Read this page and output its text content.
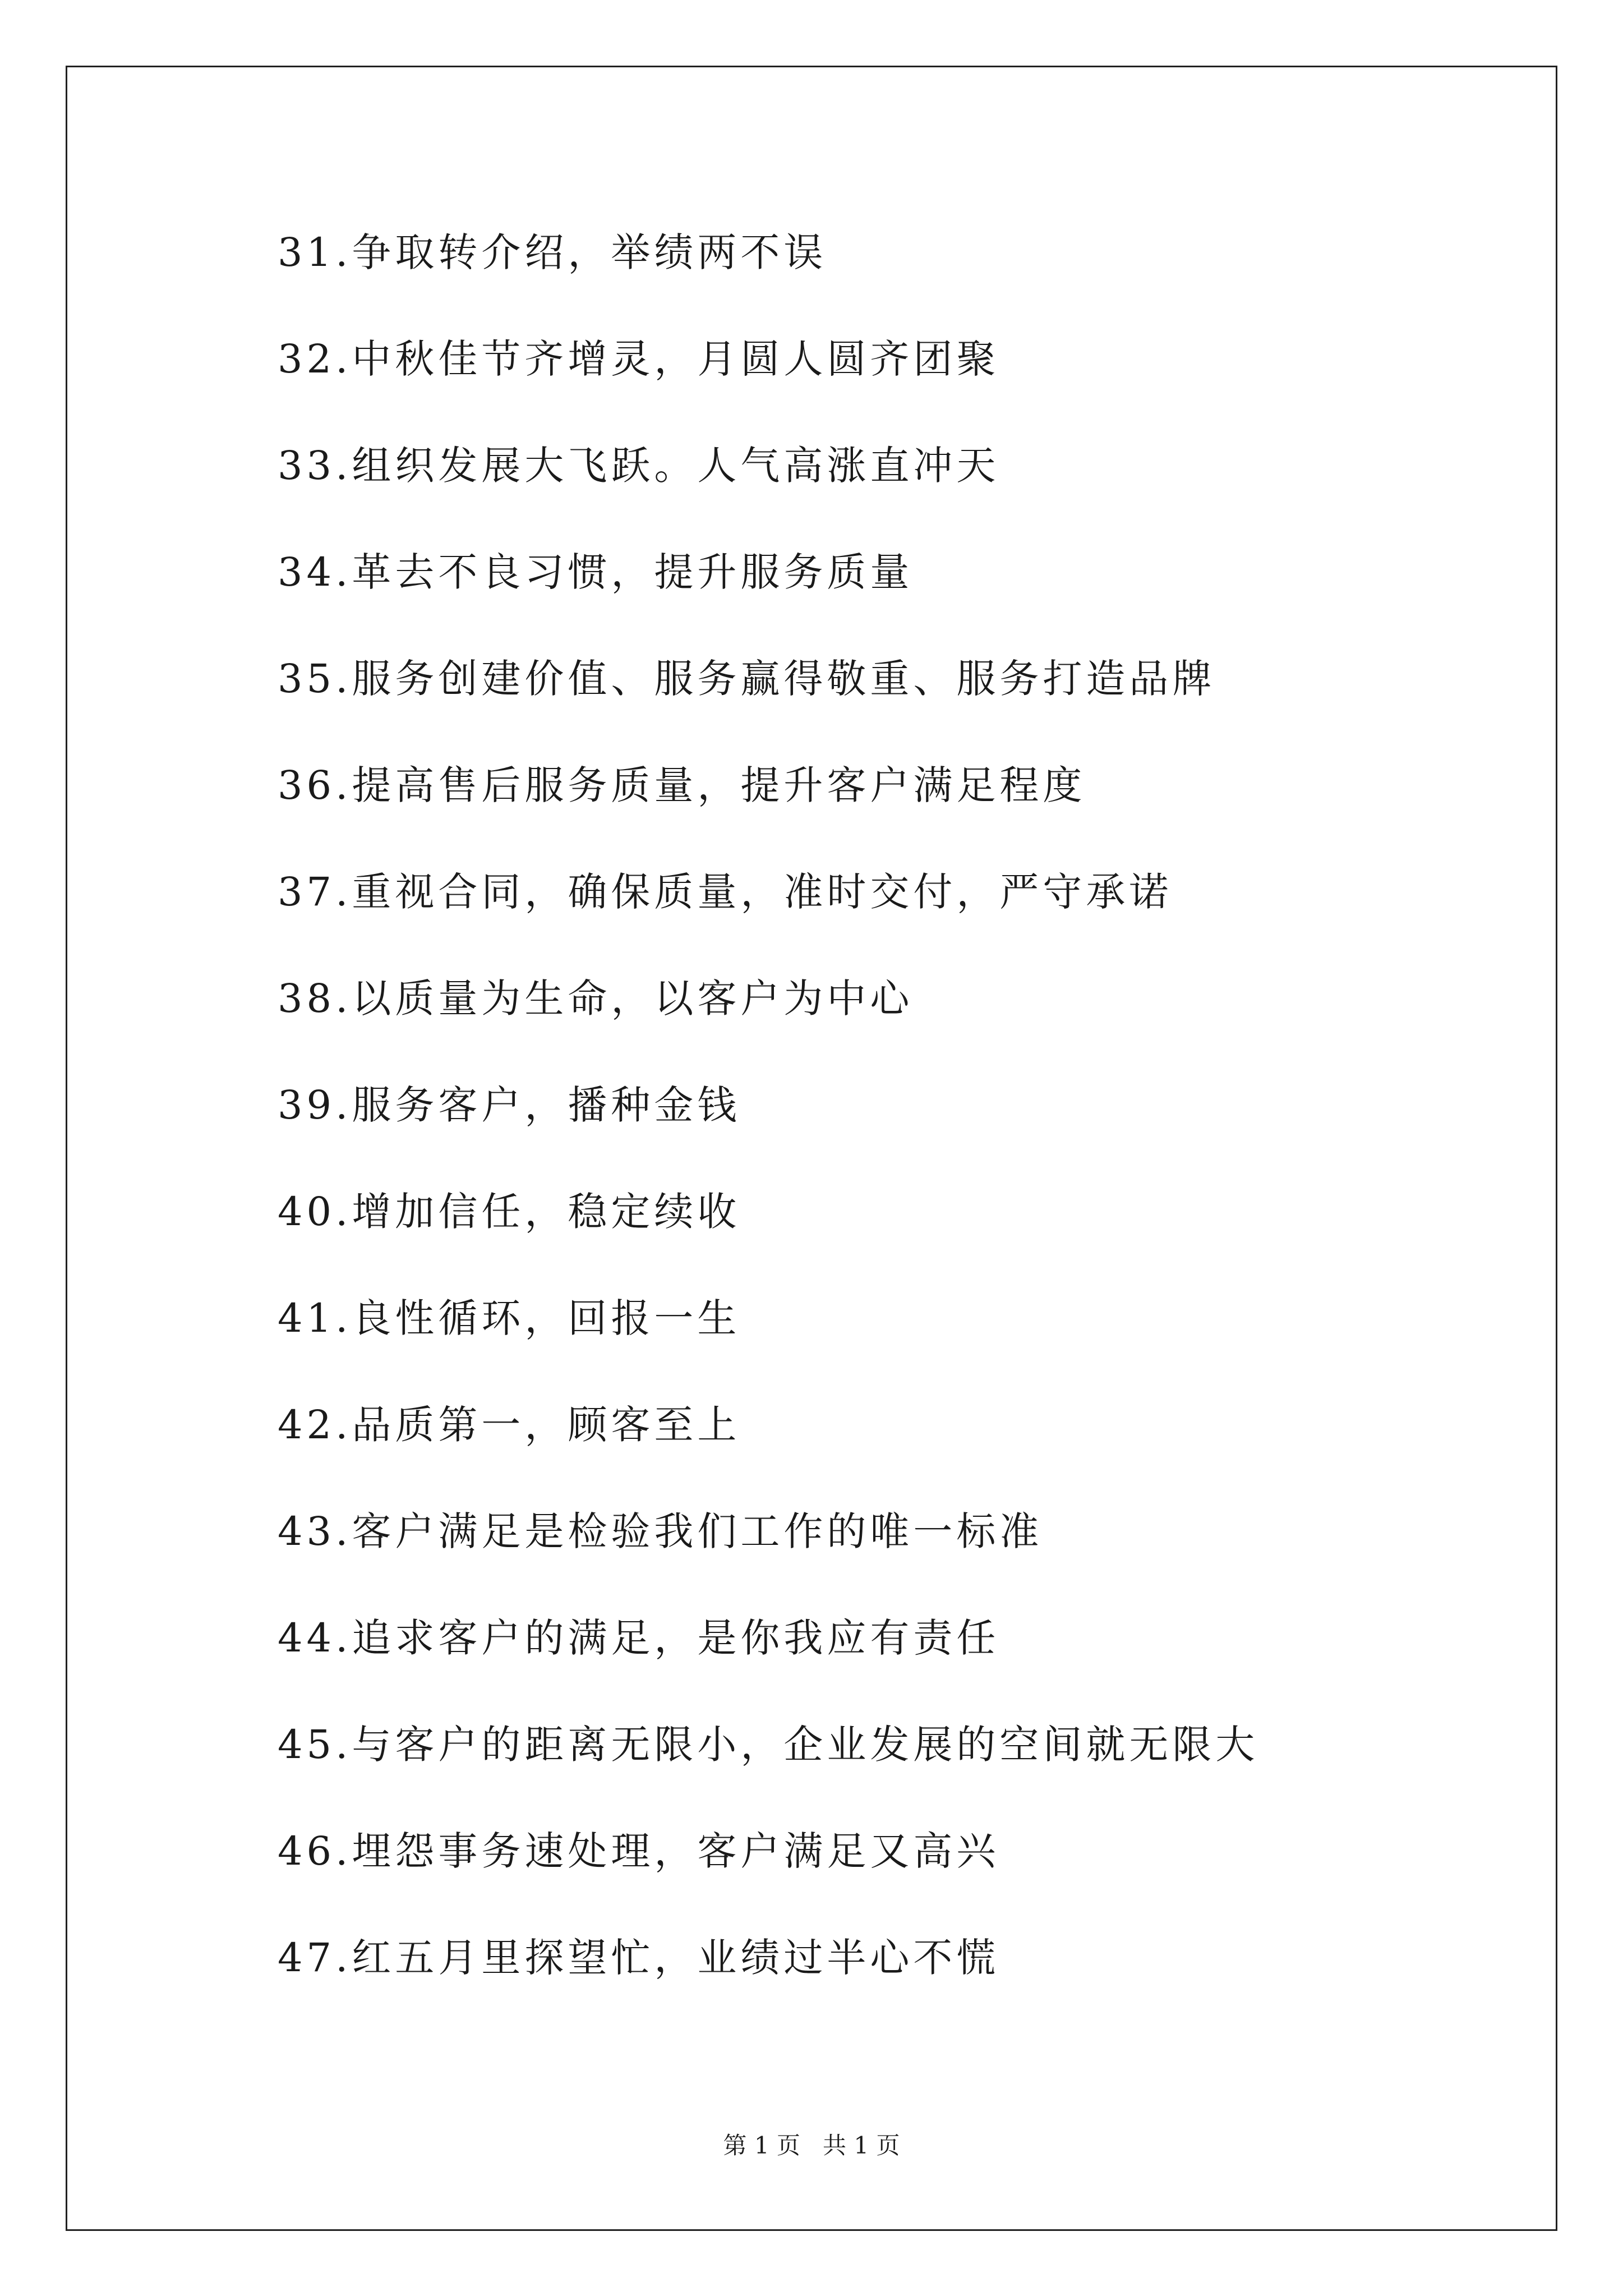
31.争取转介绍，举绩两不误
32.中秋佳节齐增灵，月圆人圆齐团聚
33.组织发展大飞跃。人气高涨直冲天
34.革去不良习惯，提升服务质量
35.服务创建价值、服务赢得敬重、服务打造品牌
36.提高售后服务质量，提升客户满足程度
37.重视合同，确保质量，准时交付，严守承诺
38.以质量为生命，以客户为中心
39.服务客户，播种金钱
40.增加信任，稳定续收
41.良性循环，回报一生
42.品质第一，顾客至上
43.客户满足是检验我们工作的唯一标准
44.追求客户的满足，是你我应有责任
45.与客户的距离无限小，企业发展的空间就无限大
46.埋怨事务速处理，客户满足又高兴
47.红五月里探望忙，业绩过半心不慌
第 1 页   共 1 页
